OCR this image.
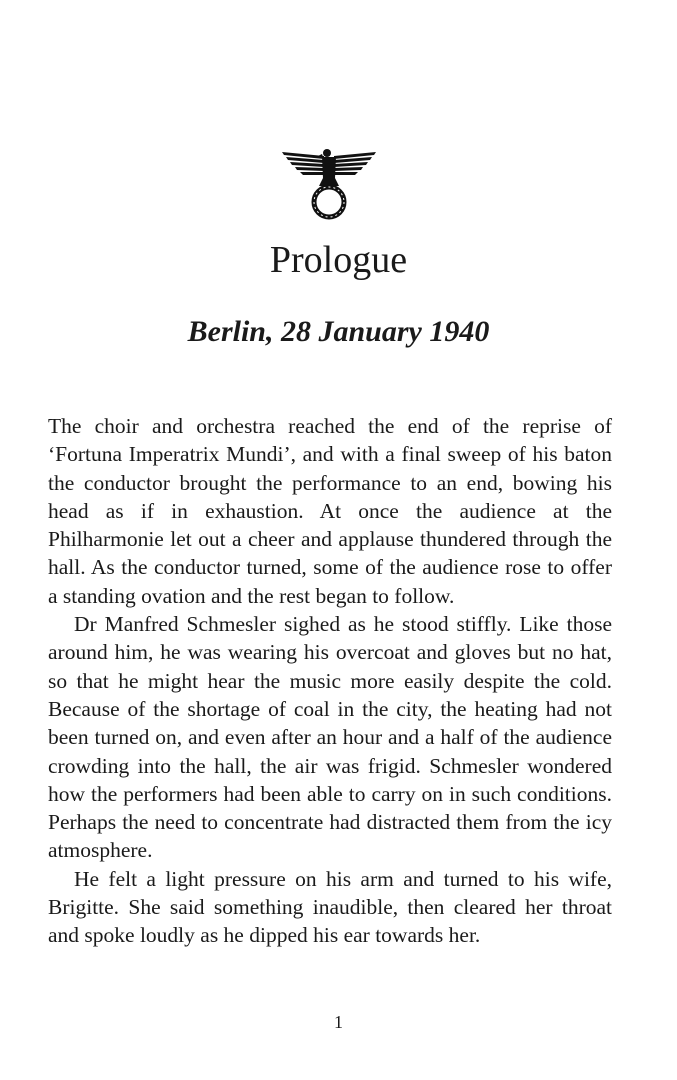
Prologue
Berlin, 28 January 1940

The choir and orchestra reached the end of the reprise of ‘Fortuna Imperatrix Mundi’, and with a final sweep of his baton the conductor brought the performance to an end, bowing his head as if in exhaustion. At once the audience at the Philharmonie let out a cheer and applause thundered through the hall. As the conductor turned, some of the audience rose to offer a standing ovation and the rest began to follow.

Dr Manfred Schmesler sighed as he stood stiffly. Like those around him, he was wearing his overcoat and gloves but no hat, so that he might hear the music more easily despite the cold. Because of the shortage of coal in the city, the heating had not been turned on, and even after an hour and a half of the audience crowding into the hall, the air was frigid. Schmesler wondered how the performers had been able to carry on in such conditions. Perhaps the need to concentrate had distracted them from the icy atmosphere.

He felt a light pressure on his arm and turned to his wife, Brigitte. She said something inaudible, then cleared her throat and spoke loudly as he dipped his ear towards her.

1
